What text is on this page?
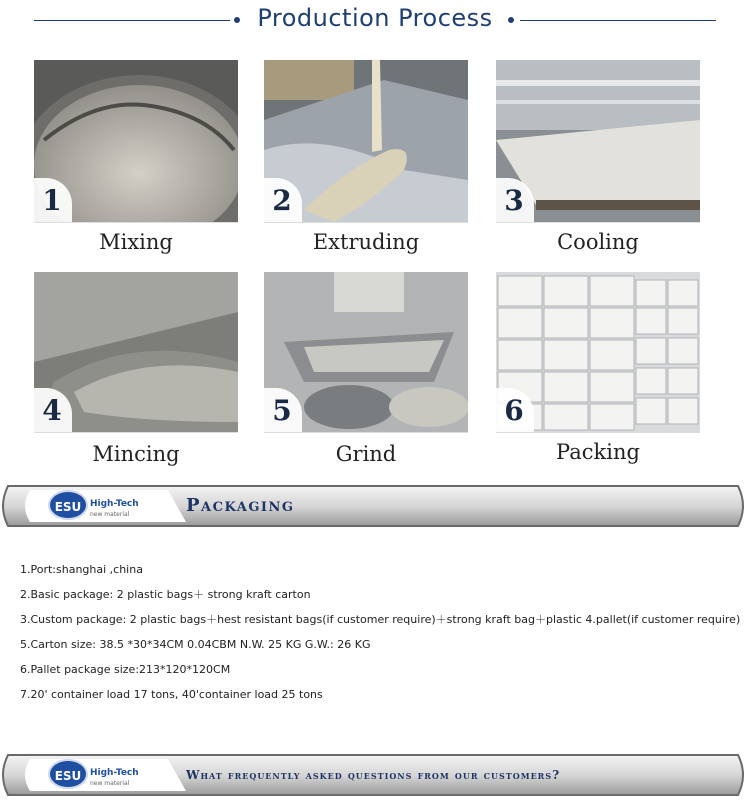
Production Process
1
Mixing
2
Extruding
3
Cooling
4
Mincing
5
Grind
6
Packing
ESU High-Tech
new material	Packaging
1.Port:shanghai ,china
2.Basic package: 2 plastic bags＋ strong kraft carton
3.Custom package: 2 plastic bags＋hest resistant bags(if customer require)＋strong kraft bag＋plastic 4.pallet(if customer require)
5.Carton size: 38.5 *30*34CM 0.04CBM N.W. 25 KG G.W.: 26 KG
6.Pallet package size:213*120*120CM
7.20' container load 17 tons, 40'container load 25 tons
ESU High-Tech
new material
What frequently asked questions from our customers?
